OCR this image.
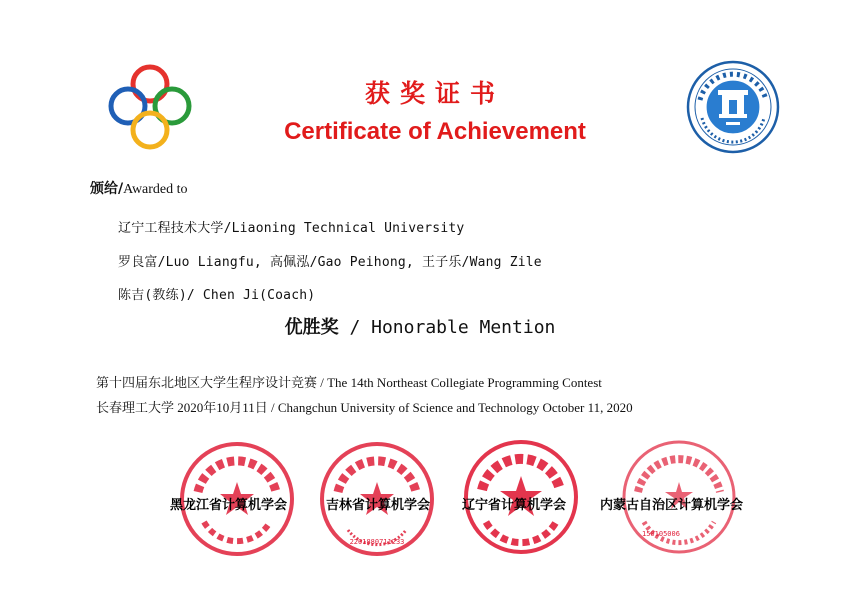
获奖证书
Certificate of Achievement
颁给/Awarded to
辽宁工程技术大学/Liaoning Technical University
罗良富/Luo Liangfu, 高佩泓/Gao Peihong, 王子乐/Wang Zile
陈吉(教练)/ Chen Ji(Coach)
优胜奖 / Honorable Mention
第十四届东北地区大学生程序设计竞赛 / The 14th Northeast Collegiate Programming Contest
长春理工大学 2020年10月11日 / Changchun University of Science and Technology October 11, 2020
2201880711233
150105006
黑龙江省计算机学会	吉林省计算机学会 辽宁省计算机学会	内蒙古自治区计算机学会
